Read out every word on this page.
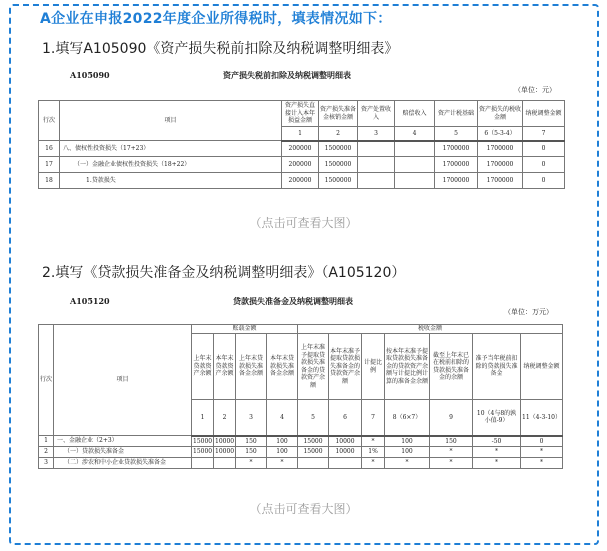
A企业在申报2022年度企业所得税时，填表情况如下：
1.填写A105090《资产损失税前扣除及纳税调整明细表》
A105090	资产损失税前扣除及纳税调整明细表
（单位：元）
行次	项目	资产损失直接计入本年损益金额	资产损失准备金核销金额	资产处置收入	赔偿收入	资产计税基础	资产损失的税收金额	纳税调整金额
		1	2	3	4	5	6（5-3-4）	7
16	八、债权性投资损失（17+23）	200000	1500000			1700000	1700000	0
17	（一）金融企业债权性投资损失（18+22）	200000	1500000			1700000	1700000	0
18	1.贷款损失	200000	1500000			1700000	1700000	0
（点击可查看大图）
2.填写《贷款损失准备金及纳税调整明细表》（A105120）
A105120	贷款损失准备金及纳税调整明细表
（单位：万元）
行次	项目	账载金额				税收金额						
		上年末贷款资产余额	本年末贷款资产余额	上年末贷款损失准备金余额	本年末贷款损失准备金余额	上年末准予提取贷款损失准备金的贷款资产余额	本年末准予提取贷款损失准备金的贷款资产余额	计提比例	按本年末准予提取贷款损失准备金的贷款资产余额与计提比例计算的准备金余额	截至上年末已在税前扣除的贷款损失准备金的余额	准予当年税前扣除的贷款损失准备金	纳税调整金额
		1	2	3	4	5	6	7	8（6×7）	9	10（4与8的孰小值-9）	11（4-3-10）
1	一、金融企业（2+3）	15000	10000	150	100	15000	10000	*	100	150	-50	0
2	（一）贷款损失准备金	15000	10000	150	100	15000	10000	1%	100	*	*	*
3	（二）涉农和中小企业贷款损失准备金			*	*			*	*	*	*	*
（点击可查看大图）
